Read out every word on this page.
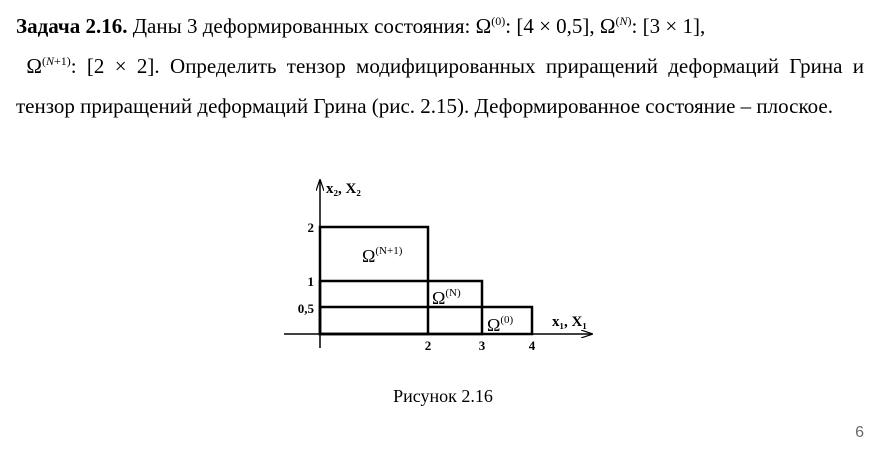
Задача 2.16. Даны 3 деформированных состояния: $\Omega^{(0)}$: [4 × 0,5], $\Omega^{(N)}$: [3 × 1],
$\Omega^{(N+1)}$: [2 × 2]. Определить тензор модифицированных приращений деформаций Грина и тензор приращений деформаций Грина (рис. 2.15). Деформированное состояние – плоское.
x₂, X₂
x₁, X₁
2
1
0,5
2	3	4
$\Omega^{(N+1)}$
$\Omega^{(N)}$
$\Omega^{(0)}$
Рисунок 2.16
6
